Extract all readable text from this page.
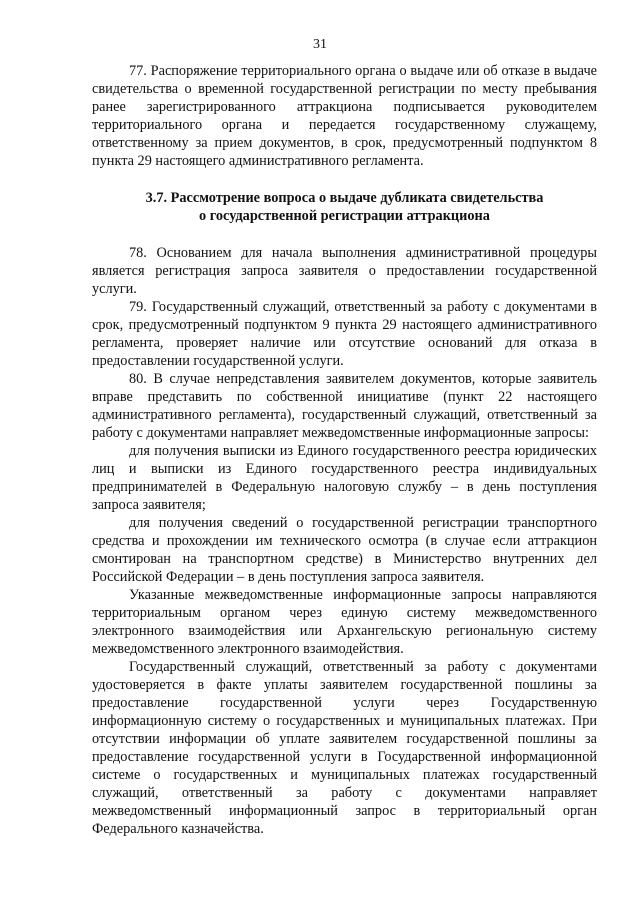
31

77. Распоряжение территориального органа о выдаче или об отказе в выдаче свидетельства о временной государственной регистрации по месту пребывания ранее зарегистрированного аттракциона подписывается руководителем территориального органа и передается государственному служащему, ответственному за прием документов, в срок, предусмотренный подпунктом 8 пункта 29 настоящего административного регламента.

3.7. Рассмотрение вопроса о выдаче дубликата свидетельства
о государственной регистрации аттракциона

78. Основанием для начала выполнения административной процедуры является регистрация запроса заявителя о предоставлении государственной услуги.

79. Государственный служащий, ответственный за работу с документами в срок, предусмотренный подпунктом 9 пункта 29 настоящего административного регламента, проверяет наличие или отсутствие оснований для отказа в предоставлении государственной услуги.

80. В случае непредставления заявителем документов, которые заявитель вправе представить по собственной инициативе (пункт 22 настоящего административного регламента), государственный служащий, ответственный за работу с документами направляет межведомственные информационные запросы:

для получения выписки из Единого государственного реестра юридических лиц и выписки из Единого государственного реестра индивидуальных предпринимателей в Федеральную налоговую службу – в день поступления запроса заявителя;

для получения сведений о государственной регистрации транспортного средства и прохождении им технического осмотра (в случае если аттракцион смонтирован на транспортном средстве) в Министерство внутренних дел Российской Федерации – в день поступления запроса заявителя.

Указанные межведомственные информационные запросы направляются территориальным органом через единую систему межведомственного электронного взаимодействия или Архангельскую региональную систему межведомственного электронного взаимодействия.

Государственный служащий, ответственный за работу с документами удостоверяется в факте уплаты заявителем государственной пошлины за предоставление государственной услуги через Государственную информационную систему о государственных и муниципальных платежах. При отсутствии информации об уплате заявителем государственной пошлины за предоставление государственной услуги в Государственной информационной системе о государственных и муниципальных платежах государственный служащий, ответственный за работу с документами направляет межведомственный информационный запрос в территориальный орган Федерального казначейства.
